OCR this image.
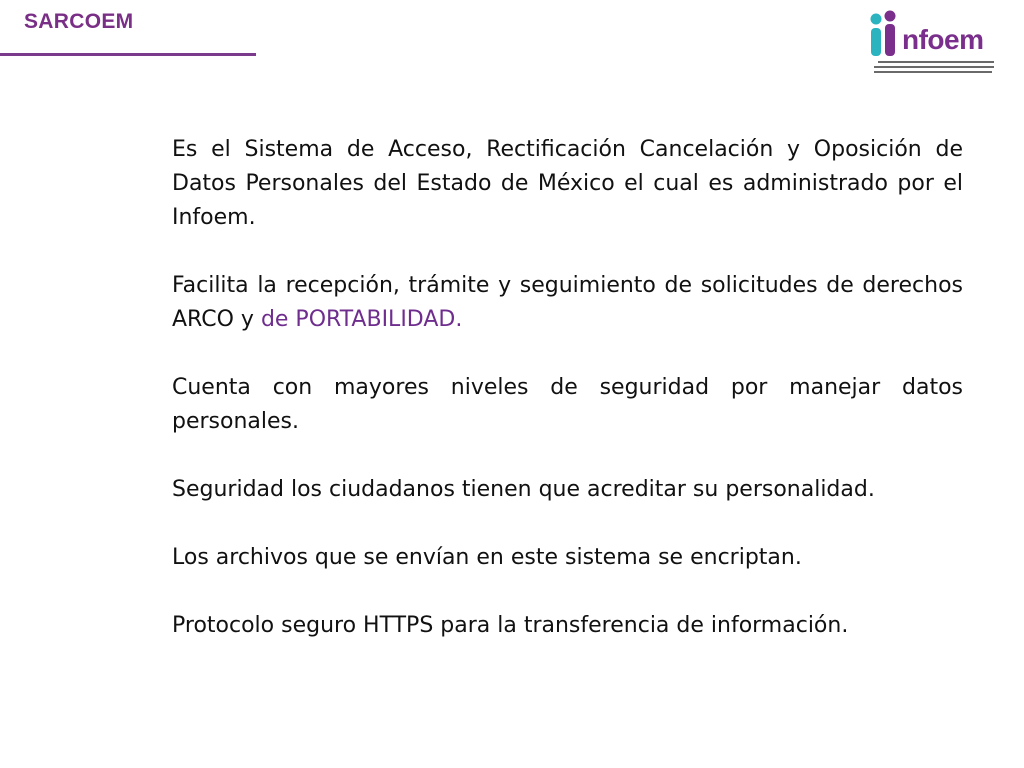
SARCOEM
nfoem

Es el Sistema de Acceso, Rectificación Cancelación y Oposición de Datos Personales del Estado de México el cual es administrado por el Infoem.

Facilita la recepción, trámite y seguimiento de solicitudes de derechos ARCO y de PORTABILIDAD.

Cuenta con mayores niveles de seguridad por manejar datos personales.

Seguridad los ciudadanos tienen que acreditar su personalidad.

Los archivos que se envían en este sistema se encriptan.

Protocolo seguro HTTPS para la transferencia de información.
